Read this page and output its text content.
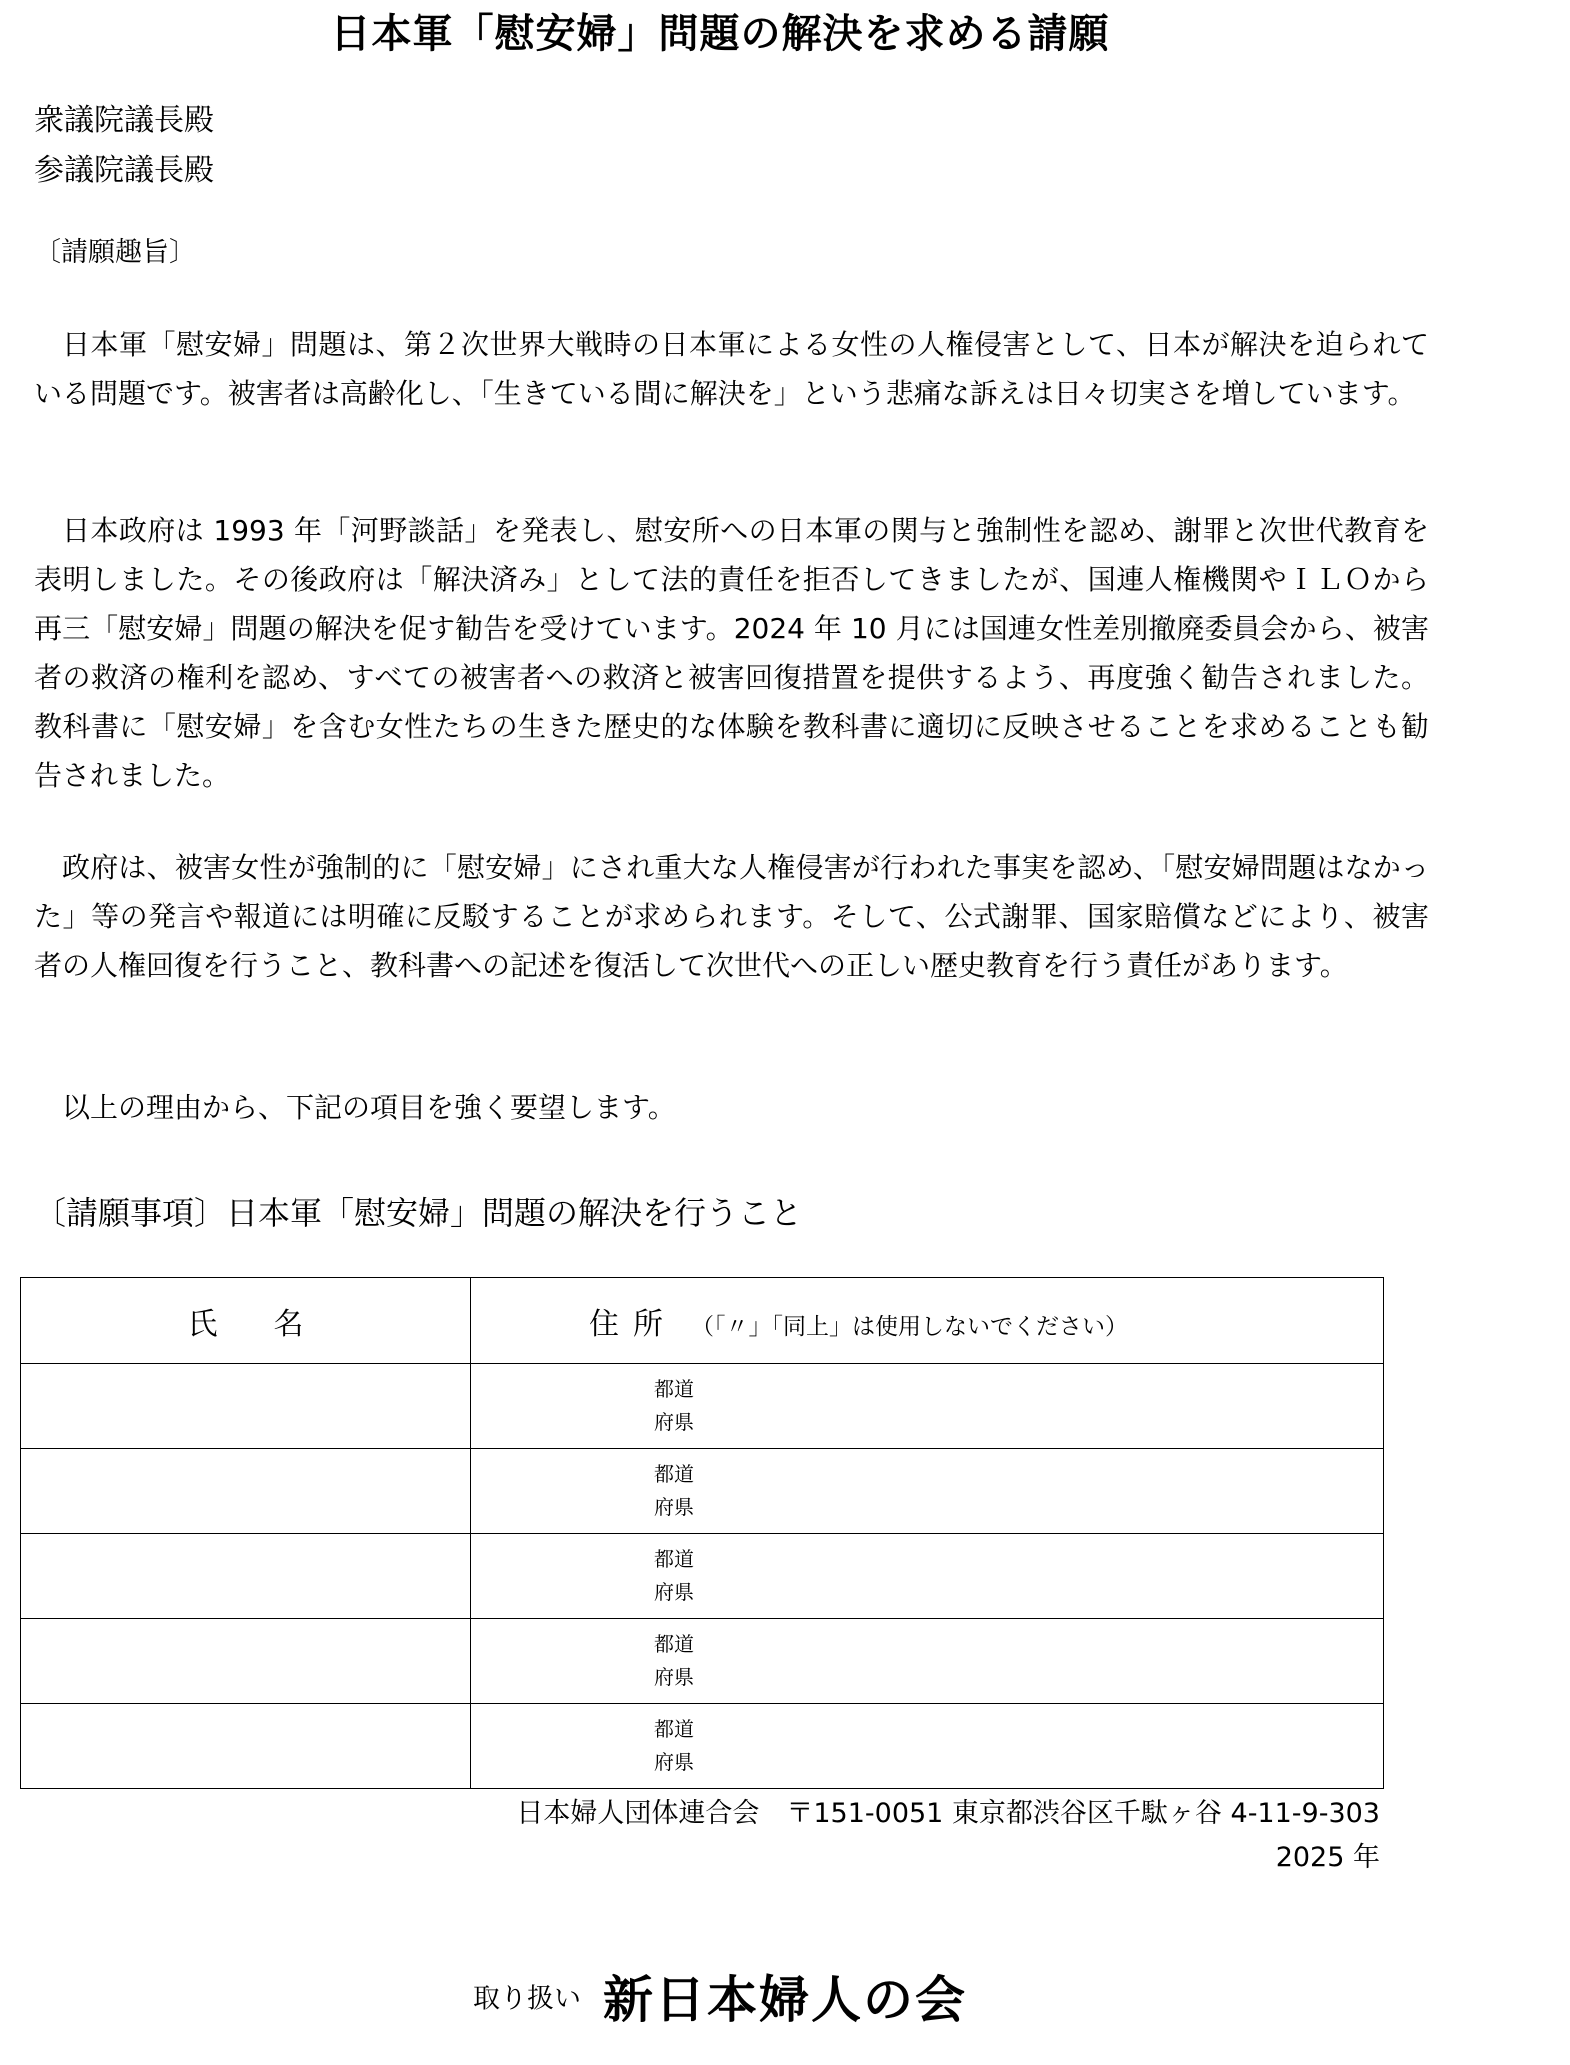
日本軍「慰安婦」問題の解決を求める請願
衆議院議長殿
参議院議長殿
〔請願趣旨〕

日本軍「慰安婦」問題は、第２次世界大戦時の日本軍による女性の人権侵害として、日本が解決を迫られている問題です。被害者は高齢化し、「生きている間に解決を」という悲痛な訴えは日々切実さを増しています。

日本政府は 1993 年「河野談話」を発表し、慰安所への日本軍の関与と強制性を認め、謝罪と次世代教育を表明しました。その後政府は「解決済み」として法的責任を拒否してきましたが、国連人権機関やＩＬＯから再三「慰安婦」問題の解決を促す勧告を受けています。2024 年 10 月には国連女性差別撤廃委員会から、被害者の救済の権利を認め、すべての被害者への救済と被害回復措置を提供するよう、再度強く勧告されました。教科書に「慰安婦」を含む女性たちの生きた歴史的な体験を教科書に適切に反映させることを求めることも勧告されました。

政府は、被害女性が強制的に「慰安婦」にされ重大な人権侵害が行われた事実を認め、「慰安婦問題はなかった」等の発言や報道には明確に反駁することが求められます。そして、公式謝罪、国家賠償などにより、被害者の人権回復を行うこと、教科書への記述を復活して次世代への正しい歴史教育を行う責任があります。

以上の理由から、下記の項目を強く要望します。

〔請願事項〕日本軍「慰安婦」問題の解決を行うこと
氏名	住所 （「〃」「同上」は使用しないでください）

	都道
府県

	都道
府県

	都道
府県

	都道
府県

	都道
府県
日本婦人団体連合会　〒151-0051 東京都渋谷区千駄ヶ谷 4-11-9-303
2025 年
取り扱い 新日本婦人の会
